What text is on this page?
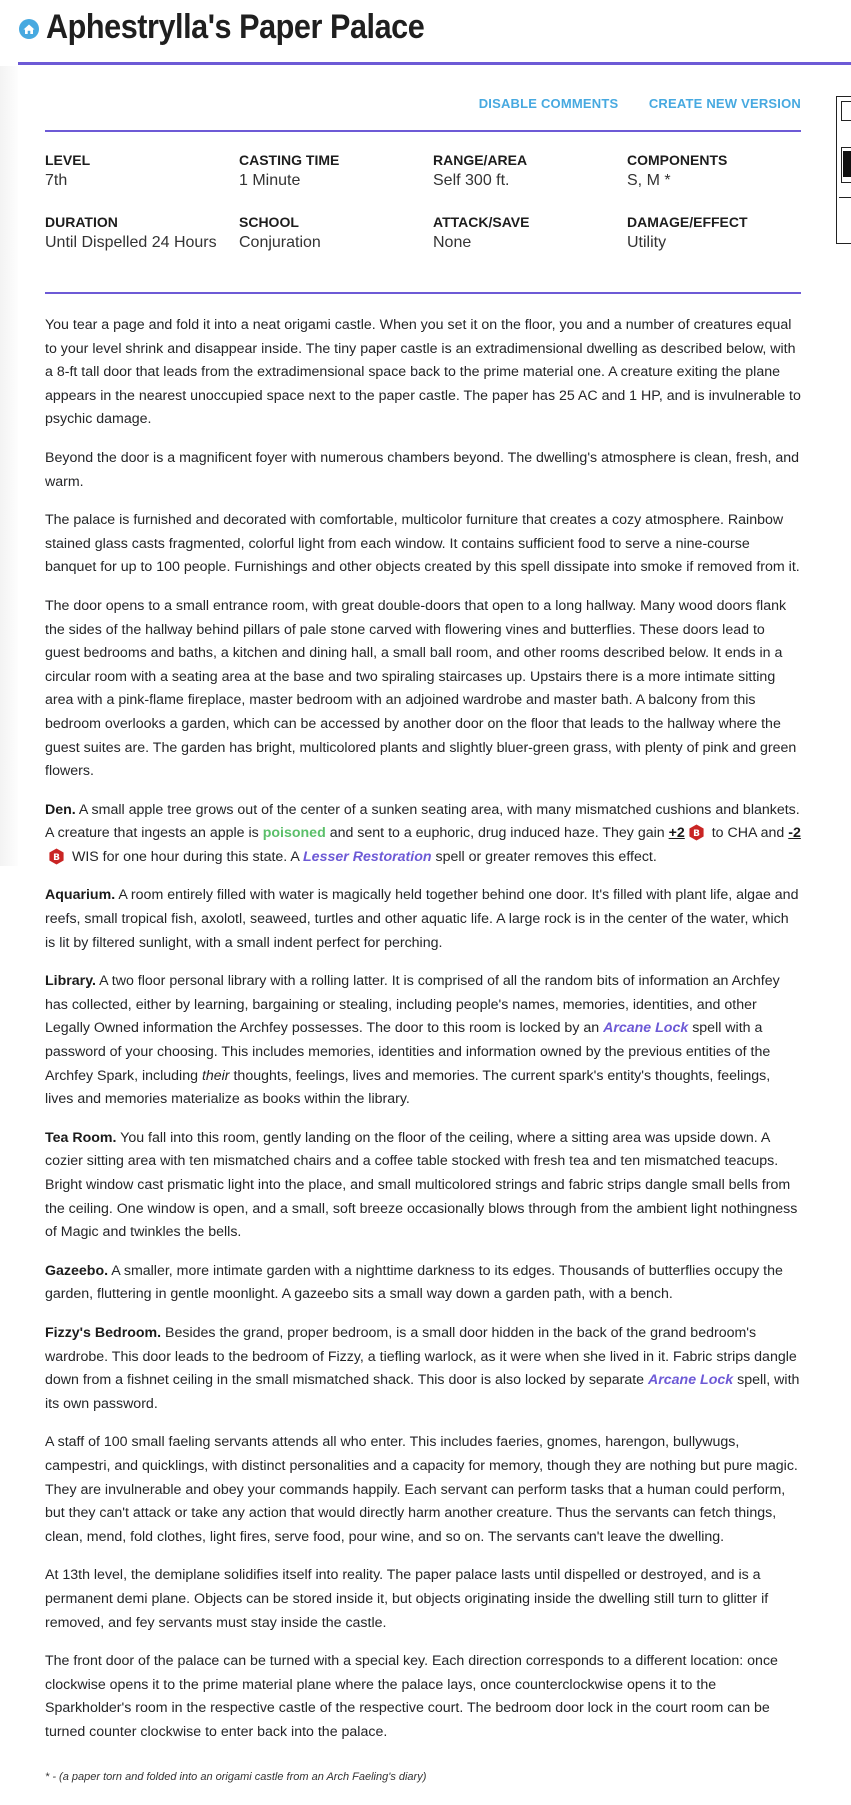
Aphestrylla's Paper Palace
DISABLE COMMENTS CREATE NEW VERSION
LEVEL
7th
CASTING TIME
1 Minute
RANGE/AREA
Self 300 ft.
COMPONENTS
S, M *
DURATION
Until Dispelled 24 Hours
SCHOOL
Conjuration
ATTACK/SAVE
None
DAMAGE/EFFECT
Utility

You tear a page and fold it into a neat origami castle. When you set it on the floor, you and a number of creatures equal to your level shrink and disappear inside. The tiny paper castle is an extradimensional dwelling as described below, with a 8-ft tall door that leads from the extradimensional space back to the prime material one. A creature exiting the plane appears in the nearest unoccupied space next to the paper castle. The paper has 25 AC and 1 HP, and is invulnerable to psychic damage.

Beyond the door is a magnificent foyer with numerous chambers beyond. The dwelling's atmosphere is clean, fresh, and warm.

The palace is furnished and decorated with comfortable, multicolor furniture that creates a cozy atmosphere. Rainbow stained glass casts fragmented, colorful light from each window. It contains sufficient food to serve a nine-course banquet for up to 100 people. Furnishings and other objects created by this spell dissipate into smoke if removed from it.

The door opens to a small entrance room, with great double-doors that open to a long hallway. Many wood doors flank the sides of the hallway behind pillars of pale stone carved with flowering vines and butterflies. These doors lead to guest bedrooms and baths, a kitchen and dining hall, a small ball room, and other rooms described below. It ends in a circular room with a seating area at the base and two spiraling staircases up. Upstairs there is a more intimate sitting area with a pink-flame fireplace, master bedroom with an adjoined wardrobe and master bath. A balcony from this bedroom overlooks a garden, which can be accessed by another door on the floor that leads to the hallway where the guest suites are. The garden has bright, multicolored plants and slightly bluer-green grass, with plenty of pink and green flowers.

Den. A small apple tree grows out of the center of a sunken seating area, with many mismatched cushions and blankets. A creature that ingests an apple is poisoned and sent to a euphoric, drug induced haze. They gain +2 B to CHA and -2
B WIS for one hour during this state. A Lesser Restoration spell or greater removes this effect.

Aquarium. A room entirely filled with water is magically held together behind one door. It's filled with plant life, algae and reefs, small tropical fish, axolotl, seaweed, turtles and other aquatic life. A large rock is in the center of the water, which is lit by filtered sunlight, with a small indent perfect for perching.

Library. A two floor personal library with a rolling latter. It is comprised of all the random bits of information an Archfey has collected, either by learning, bargaining or stealing, including people's names, memories, identities, and other Legally Owned information the Archfey possesses. The door to this room is locked by an Arcane Lock spell with a password of your choosing. This includes memories, identities and information owned by the previous entities of the Archfey Spark, including their thoughts, feelings, lives and memories. The current spark's entity's thoughts, feelings, lives and memories materialize as books within the library.

Tea Room. You fall into this room, gently landing on the floor of the ceiling, where a sitting area was upside down. A cozier sitting area with ten mismatched chairs and a coffee table stocked with fresh tea and ten mismatched teacups. Bright window cast prismatic light into the place, and small multicolored strings and fabric strips dangle small bells from the ceiling. One window is open, and a small, soft breeze occasionally blows through from the ambient light nothingness of Magic and twinkles the bells.

Gazeebo. A smaller, more intimate garden with a nighttime darkness to its edges. Thousands of butterflies occupy the garden, fluttering in gentle moonlight. A gazeebo sits a small way down a garden path, with a bench.

Fizzy's Bedroom. Besides the grand, proper bedroom, is a small door hidden in the back of the grand bedroom's wardrobe. This door leads to the bedroom of Fizzy, a tiefling warlock, as it were when she lived in it. Fabric strips dangle down from a fishnet ceiling in the small mismatched shack. This door is also locked by separate Arcane Lock spell, with its own password.

A staff of 100 small faeling servants attends all who enter. This includes faeries, gnomes, harengon, bullywugs, campestri, and quicklings, with distinct personalities and a capacity for memory, though they are nothing but pure magic. They are invulnerable and obey your commands happily. Each servant can perform tasks that a human could perform, but they can't attack or take any action that would directly harm another creature. Thus the servants can fetch things, clean, mend, fold clothes, light fires, serve food, pour wine, and so on. The servants can't leave the dwelling.

At 13th level, the demiplane solidifies itself into reality. The paper palace lasts until dispelled or destroyed, and is a permanent demi plane. Objects can be stored inside it, but objects originating inside the dwelling still turn to glitter if removed, and fey servants must stay inside the castle.

The front door of the palace can be turned with a special key. Each direction corresponds to a different location: once clockwise opens it to the prime material plane where the palace lays, once counterclockwise opens it to the Sparkholder's room in the respective castle of the respective court. The bedroom door lock in the court room can be turned counter clockwise to enter back into the palace.

* - (a paper torn and folded into an origami castle from an Arch Faeling's diary)
